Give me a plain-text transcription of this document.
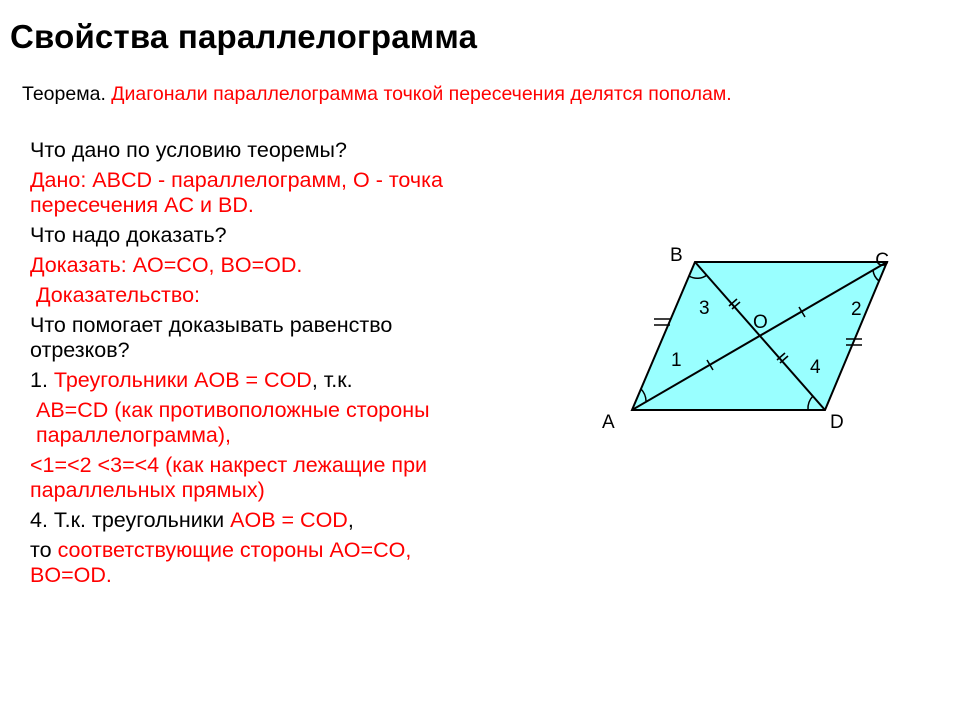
Свойства параллелограмма
Теорема. Диагонали параллелограмма точкой пересечения делятся пополам.
Что дано по условию теоремы?
Дано: ABCD - параллелограмм, O - точка
пересечения AC и BD.
Что надо доказать?
Доказать: AO=CO, BO=OD.
Доказательство:
Что помогает доказывать равенство
отрезков?
1. Треугольники AOB = COD, т.к.
AB=CD (как противоположные стороны
параллелограмма),
<1=<2 <3=<4 (как накрест лежащие при
параллельных прямых)
4. Т.к. треугольники AOB = COD,
то соответствующие стороны AO=CO,
BO=OD.
A
B	C
D
O
1
2
3
4
